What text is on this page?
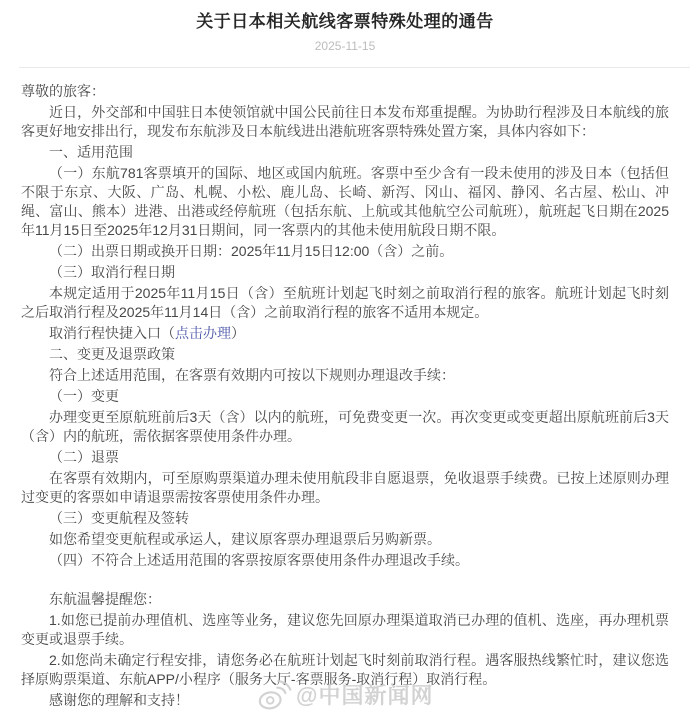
关于日本相关航线客票特殊处理的通告
2025-11-15

尊敬的旅客：

近日，外交部和中国驻日本使领馆就中国公民前往日本发布郑重提醒。为协助行程涉及日本航线的旅客更好地安排出行，现发布东航涉及日本航线进出港航班客票特殊处置方案，具体内容如下：

一、适用范围

（一）东航781客票填开的国际、地区或国内航班。客票中至少含有一段未使用的涉及日本（包括但不限于东京、大阪、广岛、札幌、小松、鹿儿岛、长崎、新泻、冈山、福冈、静冈、名古屋、松山、冲绳、富山、熊本）进港、出港或经停航班（包括东航、上航或其他航空公司航班），航班起飞日期在2025年11月15日至2025年12月31日期间，同一客票内的其他未使用航段日期不限。

（二）出票日期或换开日期：2025年11月15日12:00（含）之前。

（三）取消行程日期

本规定适用于2025年11月15日（含）至航班计划起飞时刻之前取消行程的旅客。航班计划起飞时刻之后取消行程及2025年11月14日（含）之前取消行程的旅客不适用本规定。

取消行程快捷入口（点击办理）

二、变更及退票政策

符合上述适用范围，在客票有效期内可按以下规则办理退改手续：

（一）变更

办理变更至原航班前后3天（含）以内的航班，可免费变更一次。再次变更或变更超出原航班前后3天（含）内的航班，需依据客票使用条件办理。

（二）退票

在客票有效期内，可至原购票渠道办理未使用航段非自愿退票，免收退票手续费。已按上述原则办理过变更的客票如申请退票需按客票使用条件办理。

（三）变更航程及签转

如您希望变更航程或承运人，建议原客票办理退票后另购新票。

（四）不符合上述适用范围的客票按原客票使用条件办理退改手续。

东航温馨提醒您：

1.如您已提前办理值机、选座等业务，建议您先回原办理渠道取消已办理的值机、选座，再办理机票变更或退票手续。

2.如您尚未确定行程安排，请您务必在航班计划起飞时刻前取消行程。遇客服热线繁忙时，建议您选择原购票渠道、东航APP/小程序（服务大厅-客票服务-取消行程）取消行程。

感谢您的理解和支持！	@中国新闻网
